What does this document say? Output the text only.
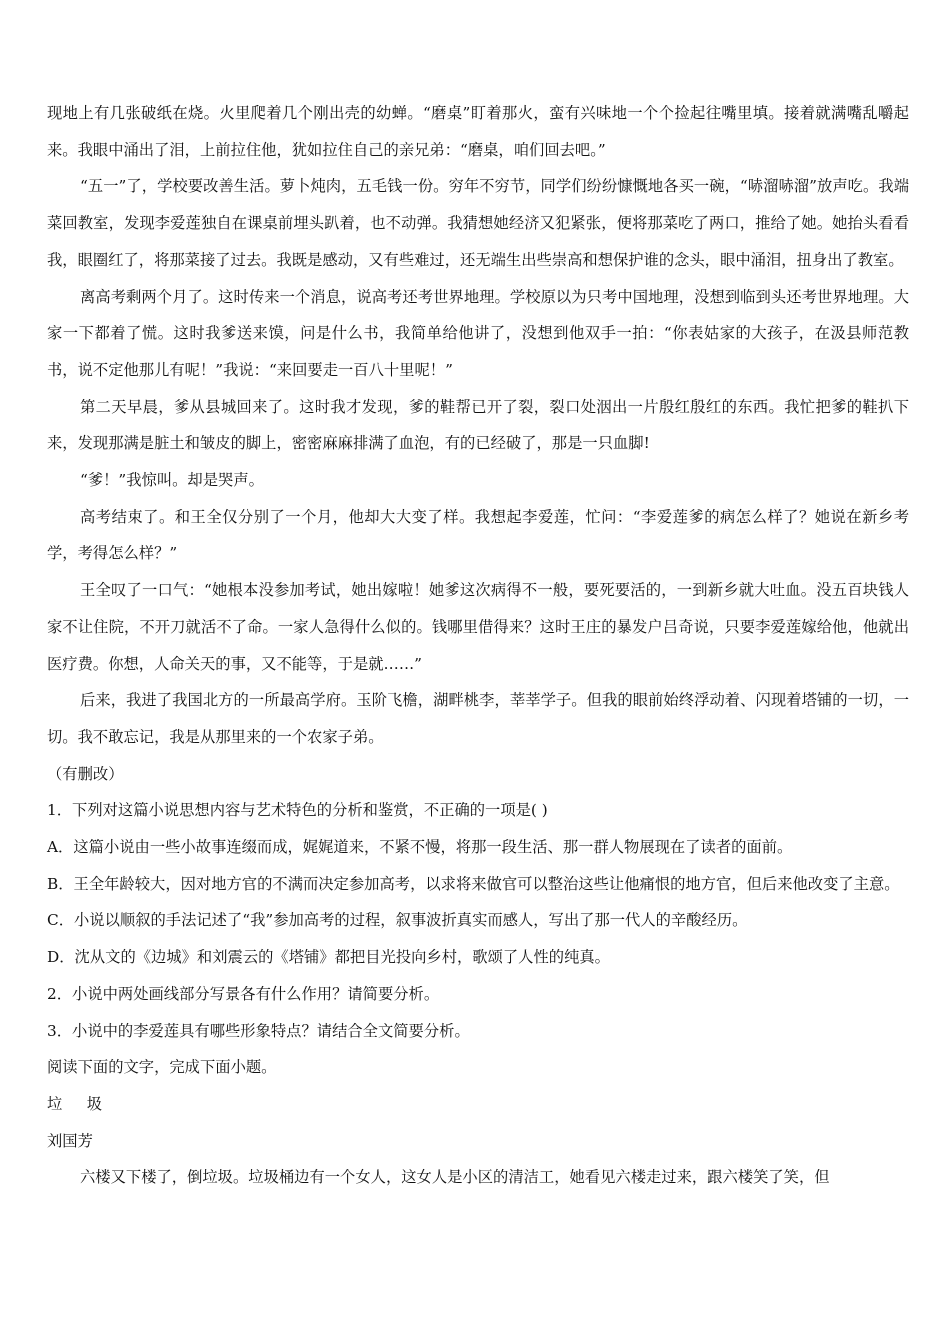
现地上有几张破纸在烧。火里爬着几个刚出壳的幼蝉。“磨桌”盯着那火，蛮有兴味地一个个捡起往嘴里填。接着就满嘴乱嚼起来。我眼中涌出了泪，上前拉住他，犹如拉住自己的亲兄弟：“磨桌，咱们回去吧。”

“五一”了，学校要改善生活。萝卜炖肉，五毛钱一份。穷年不穷节，同学们纷纷慷慨地各买一碗，“哧溜哧溜”放声吃。我端菜回教室，发现李爱莲独自在课桌前埋头趴着，也不动弹。我猜想她经济又犯紧张，便将那菜吃了两口，推给了她。她抬头看看我，眼圈红了，将那菜接了过去。我既是感动，又有些难过，还无端生出些崇高和想保护谁的念头，眼中涌泪，扭身出了教室。

离高考剩两个月了。这时传来一个消息，说高考还考世界地理。学校原以为只考中国地理，没想到临到头还考世界地理。大家一下都着了慌。这时我爹送来馍，问是什么书，我简单给他讲了，没想到他双手一拍：“你表姑家的大孩子，在汲县师范教书，说不定他那儿有呢！”我说：“来回要走一百八十里呢！”

第二天早晨，爹从县城回来了。这时我才发现，爹的鞋帮已开了裂，裂口处洇出一片殷红殷红的东西。我忙把爹的鞋扒下来，发现那满是脏土和皱皮的脚上，密密麻麻排满了血泡，有的已经破了，那是一只血脚!

“爹！”我惊叫。却是哭声。

高考结束了。和王全仅分别了一个月，他却大大变了样。我想起李爱莲，忙问：“李爱莲爹的病怎么样了？她说在新乡考学，考得怎么样？”

王全叹了一口气：“她根本没参加考试，她出嫁啦！她爹这次病得不一般，要死要活的，一到新乡就大吐血。没五百块钱人家不让住院，不开刀就活不了命。一家人急得什么似的。钱哪里借得来？这时王庄的暴发户吕奇说，只要李爱莲嫁给他，他就出医疗费。你想，人命关天的事，又不能等，于是就……”

后来，我进了我国北方的一所最高学府。玉阶飞檐，湖畔桃李，莘莘学子。但我的眼前始终浮动着、闪现着塔铺的一切，一切。我不敢忘记，我是从那里来的一个农家子弟。

（有删改）

1．下列对这篇小说思想内容与艺术特色的分析和鉴赏，不正确的一项是( )

A．这篇小说由一些小故事连缀而成，娓娓道来，不紧不慢，将那一段生活、那一群人物展现在了读者的面前。

B．王全年龄较大，因对地方官的不满而决定参加高考，以求将来做官可以整治这些让他痛恨的地方官，但后来他改变了主意。

C．小说以顺叙的手法记述了“我”参加高考的过程，叙事波折真实而感人，写出了那一代人的辛酸经历。

D．沈从文的《边城》和刘震云的《塔铺》都把目光投向乡村，歌颂了人性的纯真。

2．小说中两处画线部分写景各有什么作用？请简要分析。

3．小说中的李爱莲具有哪些形象特点？请结合全文简要分析。

阅读下面的文字，完成下面小题。

垃圾

刘国芳

六楼又下楼了，倒垃圾。垃圾桶边有一个女人，这女人是小区的清洁工，她看见六楼走过来，跟六楼笑了笑，但
